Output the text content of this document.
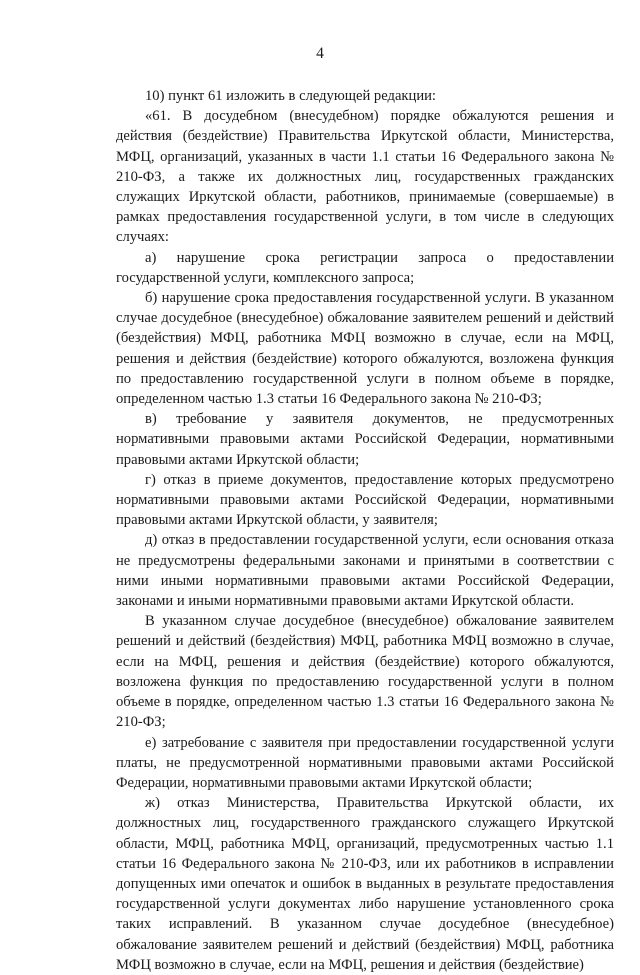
4

10) пункт 61 изложить в следующей редакции:

«61. В досудебном (внесудебном) порядке обжалуются решения и действия (бездействие) Правительства Иркутской области, Министерства, МФЦ, организаций, указанных в части 1.1 статьи 16 Федерального закона № 210-ФЗ, а также их должностных лиц, государственных гражданских служащих Иркутской области, работников, принимаемые (совершаемые) в рамках предоставления государственной услуги, в том числе в следующих случаях:

а) нарушение срока регистрации запроса о предоставлении государственной услуги, комплексного запроса;

б) нарушение срока предоставления государственной услуги. В указанном случае досудебное (внесудебное) обжалование заявителем решений и действий (бездействия) МФЦ, работника МФЦ возможно в случае, если на МФЦ, решения и действия (бездействие) которого обжалуются, возложена функция по предоставлению государственной услуги в полном объеме в порядке, определенном частью 1.3 статьи 16 Федерального закона № 210-ФЗ;

в) требование у заявителя документов, не предусмотренных нормативными правовыми актами Российской Федерации, нормативными правовыми актами Иркутской области;

г) отказ в приеме документов, предоставление которых предусмотрено нормативными правовыми актами Российской Федерации, нормативными правовыми актами Иркутской области, у заявителя;

д) отказ в предоставлении государственной услуги, если основания отказа не предусмотрены федеральными законами и принятыми в соответствии с ними иными нормативными правовыми актами Российской Федерации, законами и иными нормативными правовыми актами Иркутской области.

В указанном случае досудебное (внесудебное) обжалование заявителем решений и действий (бездействия) МФЦ, работника МФЦ возможно в случае, если на МФЦ, решения и действия (бездействие) которого обжалуются, возложена функция по предоставлению государственной услуги в полном объеме в порядке, определенном частью 1.3 статьи 16 Федерального закона № 210-ФЗ;

е) затребование с заявителя при предоставлении государственной услуги платы, не предусмотренной нормативными правовыми актами Российской Федерации, нормативными правовыми актами Иркутской области;

ж) отказ Министерства, Правительства Иркутской области, их должностных лиц, государственного гражданского служащего Иркутской области, МФЦ, работника МФЦ, организаций, предусмотренных частью 1.1 статьи 16 Федерального закона № 210-ФЗ, или их работников в исправлении допущенных ими опечаток и ошибок в выданных в результате предоставления государственной услуги документах либо нарушение установленного срока таких исправлений. В указанном случае досудебное (внесудебное) обжалование заявителем решений и действий (бездействия) МФЦ, работника МФЦ возможно в случае, если на МФЦ, решения и действия (бездействие)
